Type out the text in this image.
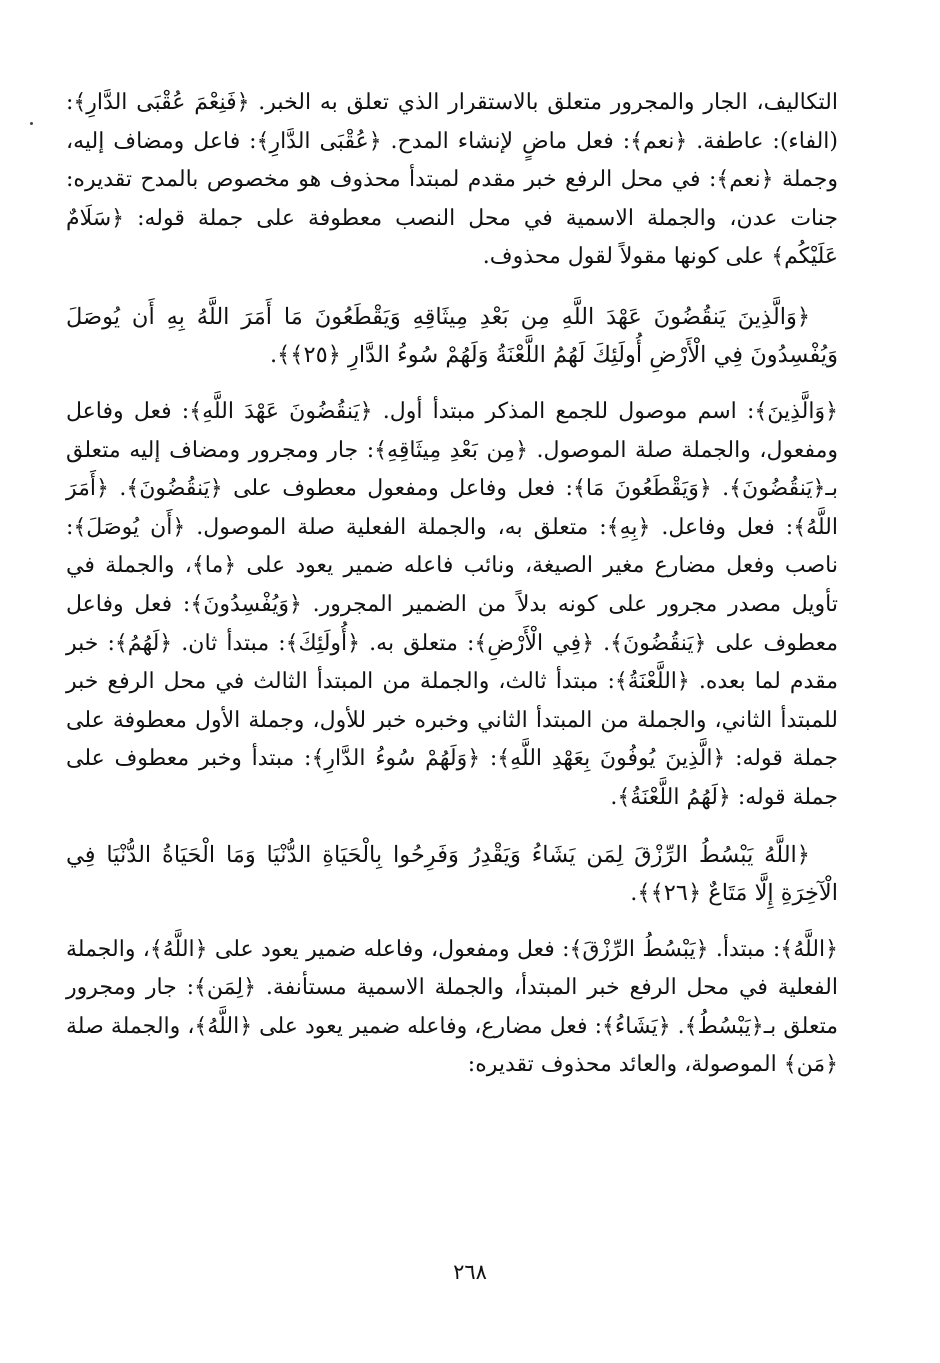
التكاليف، الجار والمجرور متعلق بالاستقرار الذي تعلق به الخبر. ﴿فَنِعْمَ عُقْبَى الدَّارِ﴾: (الفاء): عاطفة. ﴿نعم﴾: فعل ماضٍ لإنشاء المدح. ﴿عُقْبَى الدَّارِ﴾: فاعل ومضاف إليه، وجملة ﴿نعم﴾: في محل الرفع خبر مقدم لمبتدأ محذوف هو مخصوص بالمدح تقديره: جنات عدن، والجملة الاسمية في محل النصب معطوفة على جملة قوله: ﴿سَلَامٌ عَلَيْكُم﴾ على كونها مقولاً لقول محذوف.

﴿وَالَّذِينَ يَنقُضُونَ عَهْدَ اللَّهِ مِن بَعْدِ مِيثَاقِهِ وَيَقْطَعُونَ مَا أَمَرَ اللَّهُ بِهِ أَن يُوصَلَ وَيُفْسِدُونَ فِي الْأَرْضِ أُولَئِكَ لَهُمُ اللَّعْنَةُ وَلَهُمْ سُوءُ الدَّارِ ﴿٢٥﴾﴾.

﴿وَالَّذِينَ﴾: اسم موصول للجمع المذكر مبتدأ أول. ﴿يَنقُضُونَ عَهْدَ اللَّهِ﴾: فعل وفاعل ومفعول، والجملة صلة الموصول. ﴿مِن بَعْدِ مِيثَاقِهِ﴾: جار ومجرور ومضاف إليه متعلق بـ﴿يَنقُضُونَ﴾. ﴿وَيَقْطَعُونَ مَا﴾: فعل وفاعل ومفعول معطوف على ﴿يَنقُضُونَ﴾. ﴿أَمَرَ اللَّهُ﴾: فعل وفاعل. ﴿بِهِ﴾: متعلق به، والجملة الفعلية صلة الموصول. ﴿أَن يُوصَلَ﴾: ناصب وفعل مضارع مغير الصيغة، ونائب فاعله ضمير يعود على ﴿ما﴾، والجملة في تأويل مصدر مجرور على كونه بدلاً من الضمير المجرور. ﴿وَيُفْسِدُونَ﴾: فعل وفاعل معطوف على ﴿يَنقُضُونَ﴾. ﴿فِي الْأَرْضِ﴾: متعلق به. ﴿أُولَئِكَ﴾: مبتدأ ثان. ﴿لَهُمُ﴾: خبر مقدم لما بعده. ﴿اللَّعْنَةُ﴾: مبتدأ ثالث، والجملة من المبتدأ الثالث في محل الرفع خبر للمبتدأ الثاني، والجملة من المبتدأ الثاني وخبره خبر للأول، وجملة الأول معطوفة على جملة قوله: ﴿الَّذِينَ يُوفُونَ بِعَهْدِ اللَّهِ﴾: ﴿وَلَهُمْ سُوءُ الدَّارِ﴾: مبتدأ وخبر معطوف على جملة قوله: ﴿لَهُمُ اللَّعْنَةُ﴾.

﴿اللَّهُ يَبْسُطُ الرِّزْقَ لِمَن يَشَاءُ وَيَقْدِرُ وَفَرِحُوا بِالْحَيَاةِ الدُّنْيَا وَمَا الْحَيَاةُ الدُّنْيَا فِي الْآخِرَةِ إِلَّا مَتَاعٌ ﴿٢٦﴾﴾.

﴿اللَّهُ﴾: مبتدأ. ﴿يَبْسُطُ الرِّزْقَ﴾: فعل ومفعول، وفاعله ضمير يعود على ﴿اللَّهُ﴾، والجملة الفعلية في محل الرفع خبر المبتدأ، والجملة الاسمية مستأنفة. ﴿لِمَن﴾: جار ومجرور متعلق بـ﴿يَبْسُطُ﴾. ﴿يَشَاءُ﴾: فعل مضارع، وفاعله ضمير يعود على ﴿اللَّهُ﴾، والجملة صلة ﴿مَن﴾ الموصولة، والعائد محذوف تقديره:

٢٦٨
